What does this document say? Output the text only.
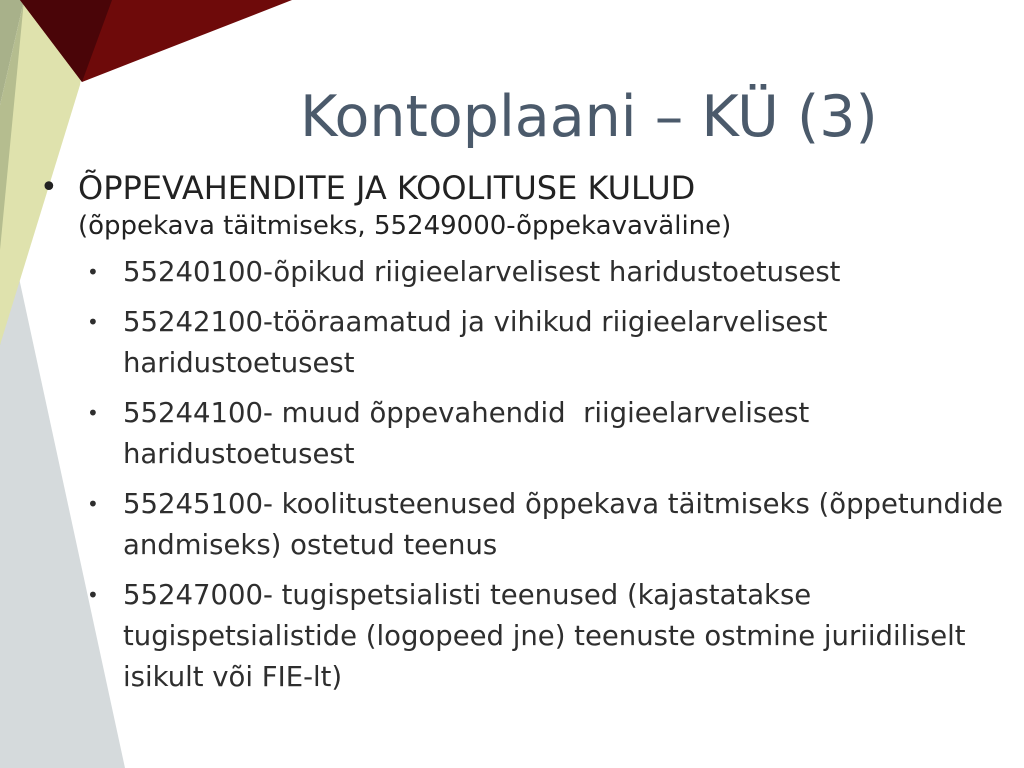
Kontoplaani – KÜ (3)
• ÕPPEVAHENDITE JA KOOLITUSE KULUD
(õppekava täitmiseks, 55249000-õppekavaväline)
• 55240100-õpikud riigieelarvelisest haridustoetusest
• 55242100-tööraamatud ja vihikud riigieelarvelisest haridustoetusest
• 55244100- muud õppevahendid  riigieelarvelisest haridustoetusest
• 55245100- koolitusteenused õppekava täitmiseks (õppetundide andmiseks) ostetud teenus
• 55247000- tugispetsialisti teenused (kajastatakse tugispetsialistide (logopeed jne) teenuste ostmine juriidiliselt isikult või FIE-lt)
